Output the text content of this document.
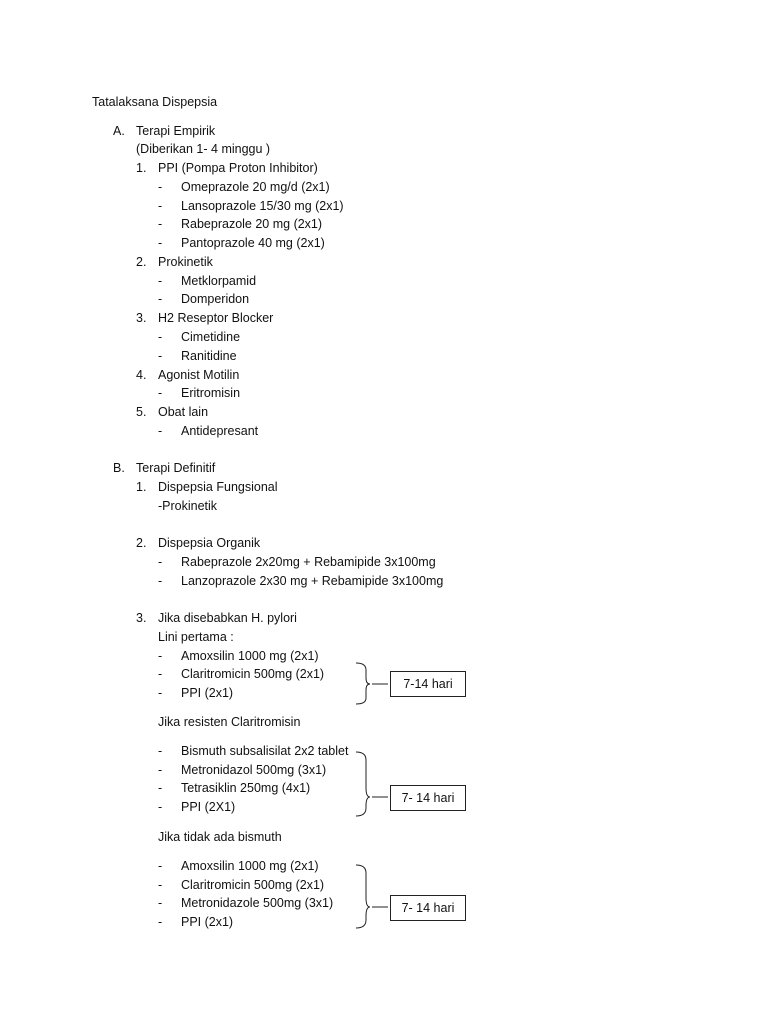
Tatalaksana Dispepsia
A. Terapi Empirik
(Diberikan 1- 4 minggu )
1. PPI (Pompa Proton Inhibitor)
- Omeprazole 20 mg/d (2x1)
- Lansoprazole 15/30 mg (2x1)
- Rabeprazole 20 mg (2x1)
- Pantoprazole 40 mg (2x1)
2. Prokinetik
- Metklorpamid
- Domperidon
3. H2 Reseptor Blocker
- Cimetidine
- Ranitidine
4. Agonist Motilin
- Eritromisin
5. Obat lain
- Antidepresant
B. Terapi Definitif
1. Dispepsia Fungsional
-Prokinetik
2. Dispepsia Organik
- Rabeprazole 2x20mg + Rebamipide 3x100mg
- Lanzoprazole 2x30 mg + Rebamipide 3x100mg
3. Jika disebabkan H. pylori
Lini pertama :
- Amoxsilin 1000 mg (2x1)
- Claritromicin 500mg (2x1)
- PPI (2x1)
7-14 hari
Jika resisten Claritromisin
- Bismuth subsalisilat 2x2 tablet
- Metronidazol 500mg (3x1)
- Tetrasiklin 250mg (4x1)
- PPI (2X1)
7- 14 hari
Jika tidak ada bismuth
- Amoxsilin 1000 mg (2x1)
- Claritromicin 500mg (2x1)
- Metronidazole 500mg (3x1)
- PPI (2x1)
7- 14 hari
